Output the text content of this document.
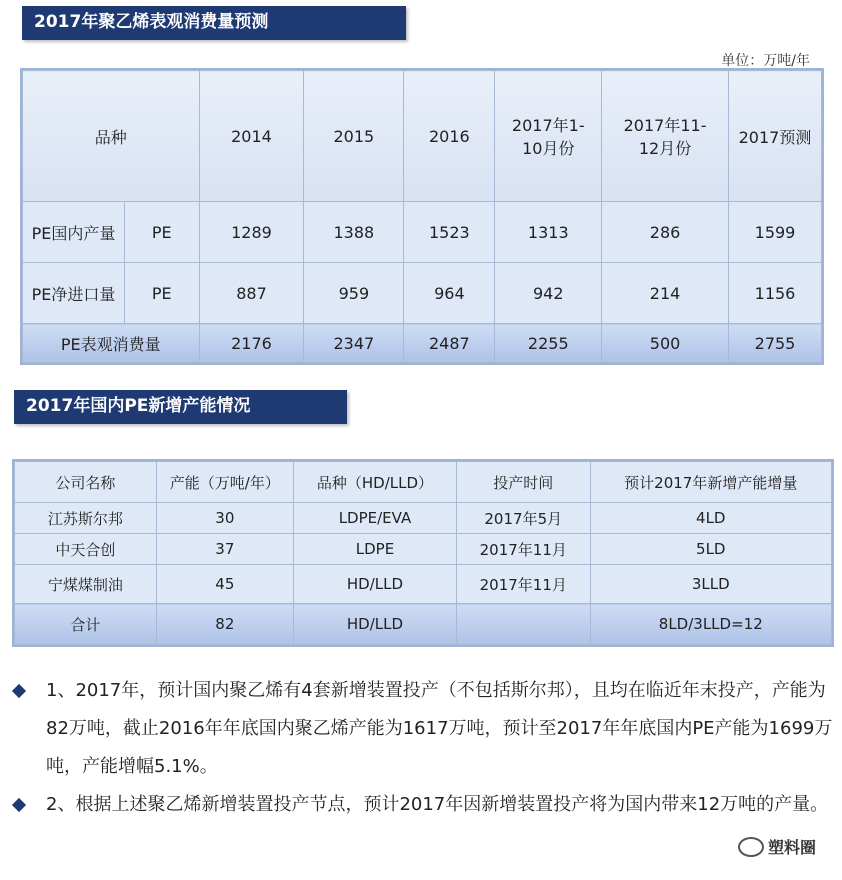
2017年聚乙烯表观消费量预测
单位：万吨/年
品种		2014	2015	2016	2017年1-10月份	2017年11-12月份	2017预测
PE国内产量	PE	1289	1388	1523	1313	286	1599
PE净进口量	PE	887	959	964	942	214	1156
PE表观消费量		2176	2347	2487	2255	500	2755
2017年国内PE新增产能情况
公司名称	产能（万吨/年）	品种（HD/LLD）	投产时间	预计2017年新增产能增量
江苏斯尔邦	30	LDPE/EVA	2017年5月	4LD
中天合创	37	LDPE	2017年11月	5LD
宁煤煤制油	45	HD/LLD	2017年11月	3LLD
合计	82	HD/LLD		8LD/3LLD=12
1、2017年，预计国内聚乙烯有4套新增装置投产（不包括斯尔邦），且均在临近年末投产，产能为82万吨，截止2016年年底国内聚乙烯产能为1617万吨，预计至2017年年底国内PE产能为1699万吨，产能增幅5.1%。
2、根据上述聚乙烯新增装置投产节点，预计2017年因新增装置投产将为国内带来12万吨的产量。
塑料圈
